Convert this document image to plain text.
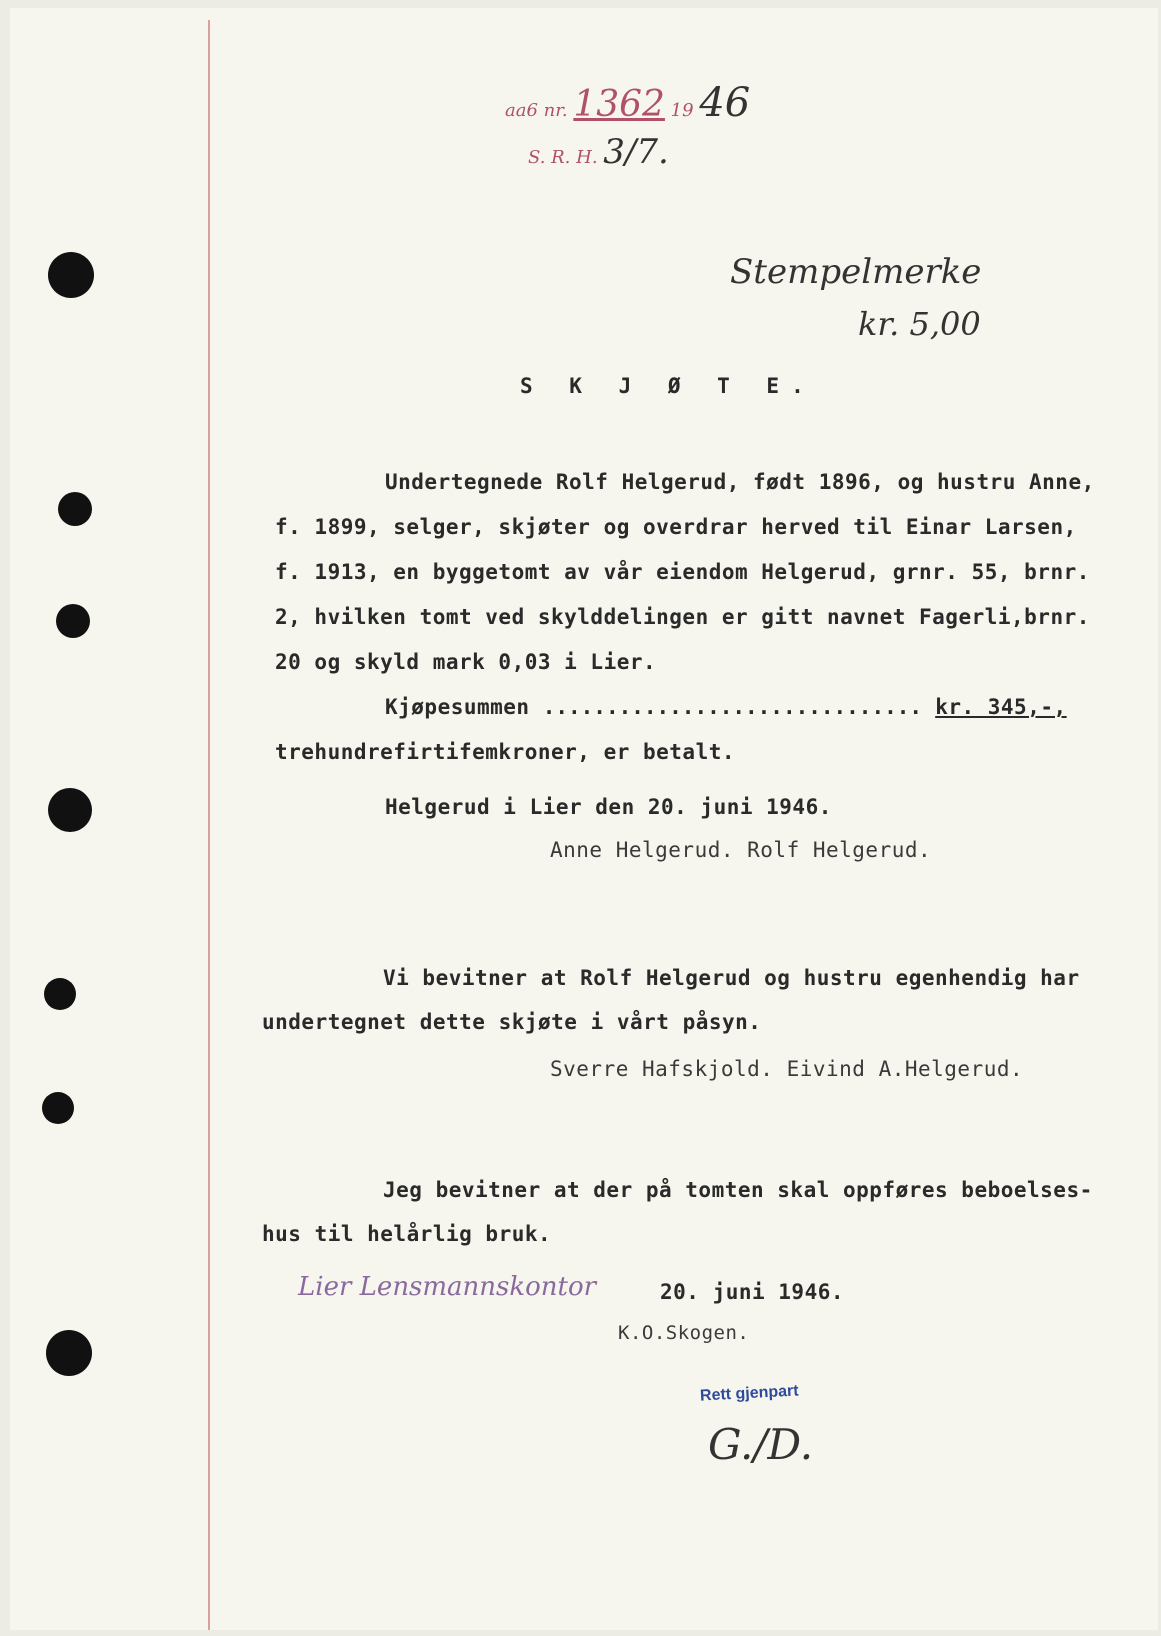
aa6 nr. 1362 19 46
S. R. H. 3/7.
Stempelmerke
kr. 5,00
S K J Ø T E.
Undertegnede Rolf Helgerud, født 1896, og hustru Anne,
f. 1899, selger, skjøter og overdrar herved til Einar Larsen,
f. 1913, en byggetomt av vår eiendom Helgerud, grnr. 55, brnr.
2, hvilken tomt ved skylddelingen er gitt navnet Fagerli,brnr.
20 og skyld mark 0,03 i Lier.
Kjøpesummen .............................. kr. 345,-,
trehundrefirtifemkroner, er betalt.
Helgerud i Lier den 20. juni 1946.
Anne Helgerud. Rolf Helgerud.
Vi bevitner at Rolf Helgerud og hustru egenhendig har
undertegnet dette skjøte i vårt påsyn.
Sverre Hafskjold. Eivind A.Helgerud.
Jeg bevitner at der på tomten skal oppføres beboelses-
hus til helårlig bruk.
Lier Lensmannskontor	20. juni 1946.
K.O.Skogen.
Rett gjenpart
G./D.
